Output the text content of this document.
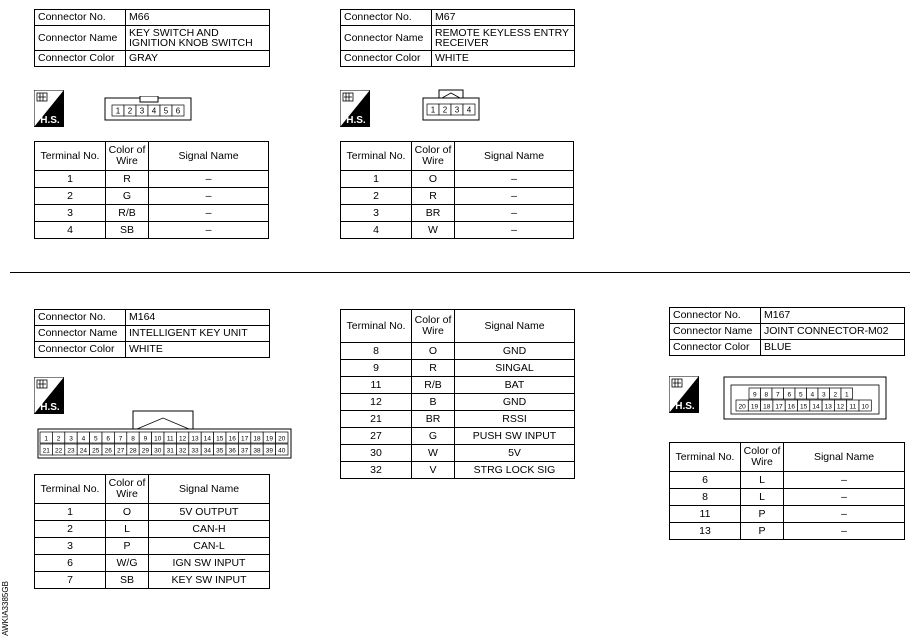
Connector No.	M66
Connector Name	KEY SWITCH AND IGNITION KNOB SWITCH
Connector Color	GRAY
H.S.
1 2 3 4 5 6
Terminal No.	Color of Wire	Signal Name
1	R	–
2	G	–
3	R/B	–
4	SB	–
Connector No.	M67
Connector Name	REMOTE KEYLESS ENTRY RECEIVER
Connector Color	WHITE
H.S.
1 2 3 4
Terminal No.	Color of Wire	Signal Name
1	O	–
2	R	–
3	BR	–
4	W	–
Connector No.	M164
Connector Name	INTELLIGENT KEY UNIT
Connector Color	WHITE
H.S.
1 2 3 4 5 6 7 8 9 10 11 12 13 14 15 16 17 18 19 20
21 22 23 24 25 26 27 28 29 30 31 32 33 34 35 36 37 38 39 40
Terminal No.	Color of Wire	Signal Name
1	O	5V OUTPUT
2	L	CAN-H
3	P	CAN-L
6	W/G	IGN SW INPUT
7	SB	KEY SW INPUT
Terminal No.	Color of Wire	Signal Name
8	O	GND
9	R	SINGAL
11	R/B	BAT
12	B	GND
21	BR	RSSI
27	G	PUSH SW INPUT
30	W	5V
32	V	STRG LOCK SIG
Connector No.	M167
Connector Name	JOINT CONNECTOR-M02
Connector Color	BLUE
H.S.
9 8 7 6 5 4 3 2 1
20 19 18 17 16 15 14 13 12 11 10
Terminal No.	Color of Wire	Signal Name
6	L	–
8	L	–
11	P	–
13	P	–
AWKIA3385GB
